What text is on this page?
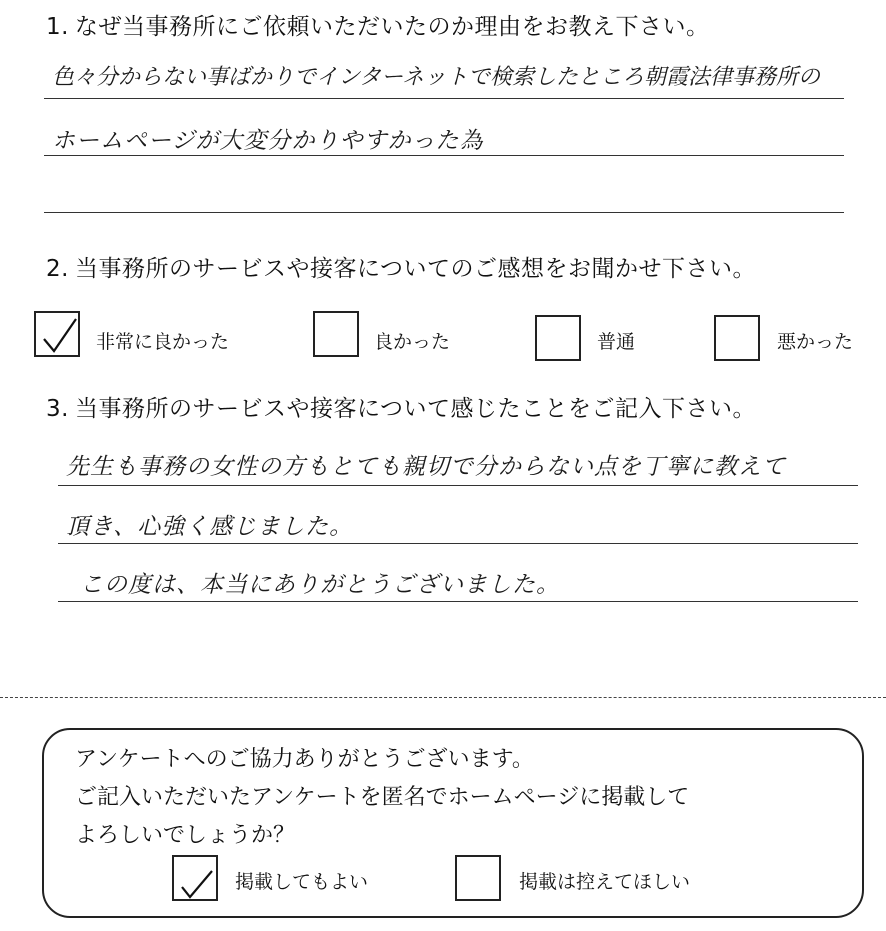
1. なぜ当事務所にご依頼いただいたのか理由をお教え下さい。
色々分からない事ばかりでインターネットで検索したところ朝霞法律事務所の
ホームページが大変分かりやすかった為
2. 当事務所のサービスや接客についてのご感想をお聞かせ下さい。
非常に良かった	良かった	普通	悪かった
3. 当事務所のサービスや接客について感じたことをご記入下さい。
先生も事務の女性の方もとても親切で分からない点を丁寧に教えて
頂き、心強く感じました。
この度は、本当にありがとうございました。
アンケートへのご協力ありがとうございます。
ご記入いただいたアンケートを匿名でホームページに掲載して
よろしいでしょうか？
掲載してもよい	掲載は控えてほしい
